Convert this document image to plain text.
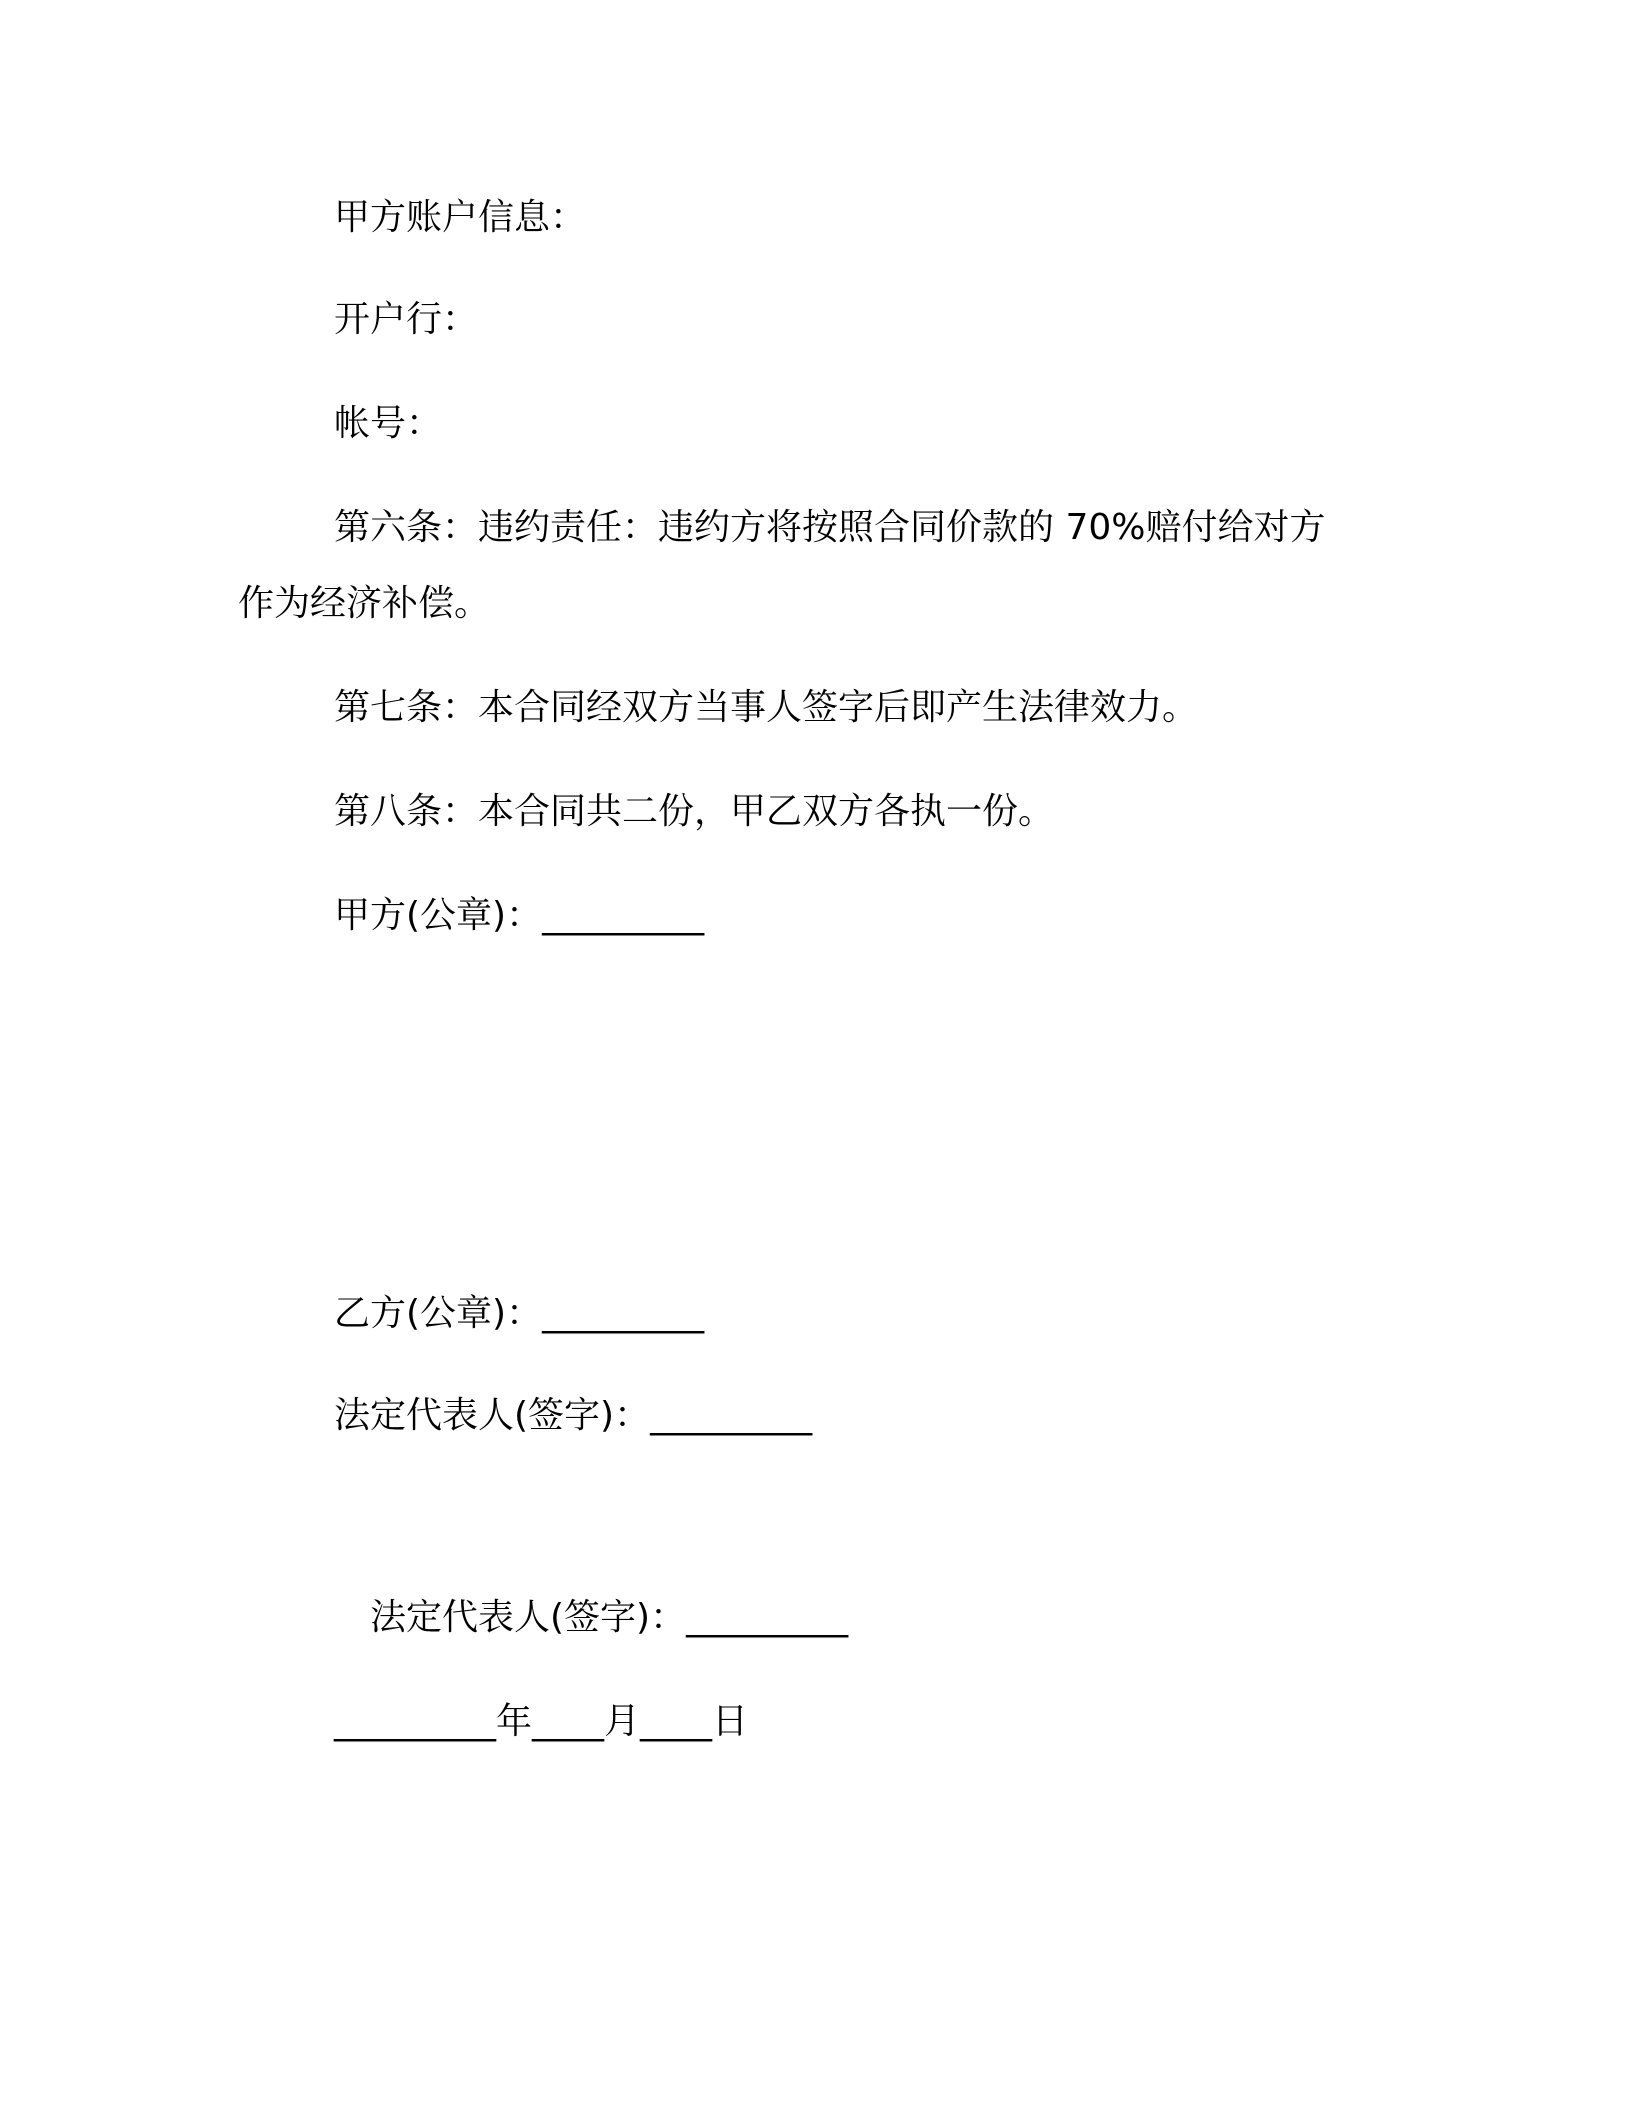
甲方账户信息：
开户行：
帐号：
第六条：违约责任：违约方将按照合同价款的 70%赔付给对方
作为经济补偿。
第七条：本合同经双方当事人签字后即产生法律效力。
第八条：本合同共二份，甲乙双方各执一份。
甲方(公章)：_________
乙方(公章)：_________
法定代表人(签字)：_________
法定代表人(签字)：_________
_________年____月____日
